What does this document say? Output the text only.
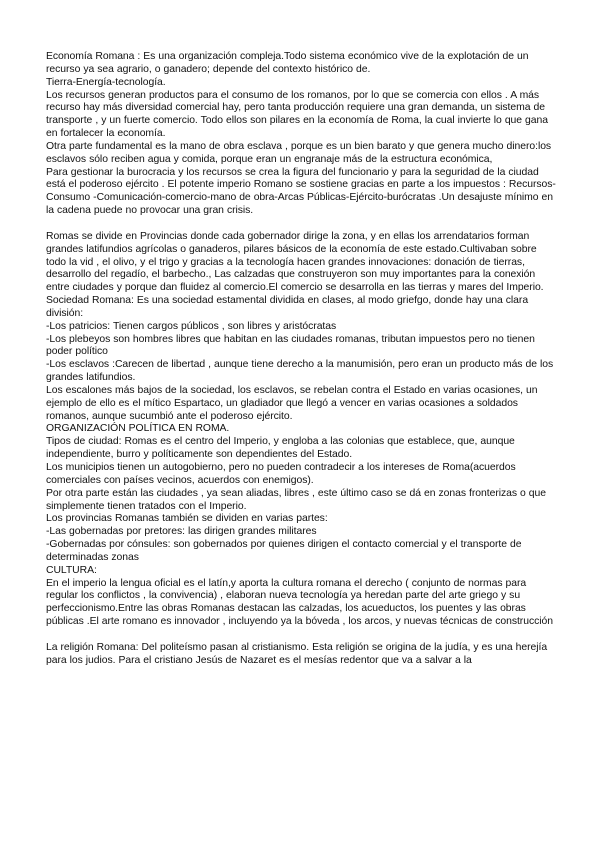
Economía Romana : Es una organización compleja.Todo sistema económico vive de la explotación de un recurso ya sea agrario, o ganadero; depende del contexto histórico de.

Tierra-Energía-tecnología.

Los recursos generan productos para el consumo de los romanos, por lo que se comercia con ellos . A más recurso hay más diversidad comercial hay, pero tanta producción requiere una gran demanda, un sistema de transporte , y un fuerte comercio. Todo ellos son pilares en la economía de Roma, la cual invierte lo que gana en fortalecer la economía.

Otra parte fundamental es la mano de obra esclava , porque es un bien barato y que genera mucho dinero:los esclavos sólo reciben agua y comida, porque eran un engranaje más de la estructura económica,

Para gestionar la burocracia y los recursos se crea la figura del funcionario y para la seguridad de la ciudad está el poderoso ejército . El potente imperio Romano se sostiene gracias en parte a los impuestos : Recursos-Consumo -Comunicación-comercio-mano de obra-Arcas Públicas-Ejército-burócratas .Un desajuste mínimo en la cadena puede no provocar una gran crisis.

Romas se divide en Provincias donde cada gobernador dirige la zona, y en ellas los arrendatarios forman grandes latifundios agrícolas o ganaderos, pilares básicos de la economía de este estado.Cultivaban sobre todo la vid , el olivo, y el trigo y gracias a la tecnología hacen grandes innovaciones: donación de tierras, desarrollo del regadío, el barbecho., Las calzadas que construyeron son muy importantes para la conexión entre ciudades y porque dan fluidez al comercio.El comercio se desarrolla en las tierras y mares del Imperio.

Sociedad Romana: Es una sociedad estamental dividida en clases, al modo griefgo, donde hay una clara división:

-Los patricios: Tienen cargos públicos , son libres y aristócratas

-Los plebeyos son hombres libres que habitan en las ciudades romanas, tributan impuestos pero no tienen poder político

-Los esclavos :Carecen de libertad , aunque tiene derecho a la manumisión, pero eran un producto más de los grandes latifundios.

Los escalones más bajos de la sociedad, los esclavos, se rebelan contra el Estado en varias ocasiones, un ejemplo de ello es el mítico Espartaco, un gladiador que llegó a vencer en varias ocasiones a soldados romanos, aunque sucumbió ante el poderoso ejército.

ORGANIZACIÓN POLÍTICA EN ROMA.

Tipos de ciudad: Romas es el centro del Imperio, y engloba a las colonias que establece, que, aunque independiente, burro y políticamente son dependientes del Estado.

Los municipios tienen un autogobierno, pero no pueden contradecir a los intereses de Roma(acuerdos comerciales con países vecinos, acuerdos con enemigos).

Por otra parte están las ciudades , ya sean aliadas, libres , este último caso se dá en zonas fronterizas o que simplemente tienen tratados con el Imperio.

Los provincias Romanas también se dividen en varias partes:

-Las gobernadas por pretores: las dirigen grandes militares

-Gobernadas por cónsules: son gobernados por quienes dirigen el contacto comercial y el transporte de determinadas zonas

CULTURA:

En el imperio la lengua oficial es el latín,y aporta la cultura romana el derecho ( conjunto de normas para regular los conflictos , la convivencia) , elaboran nueva tecnología ya heredan parte del arte griego y su perfeccionismo.Entre las obras Romanas destacan las calzadas, los acueductos, los puentes y las obras públicas .El arte romano es innovador , incluyendo ya la bóveda , los arcos, y nuevas técnicas de construcción

La religión Romana: Del politeísmo pasan al cristianismo. Esta religión se origina de la judía, y es una herejía para los judios. Para el cristiano Jesús de Nazaret es el mesías redentor que va a salvar a la
